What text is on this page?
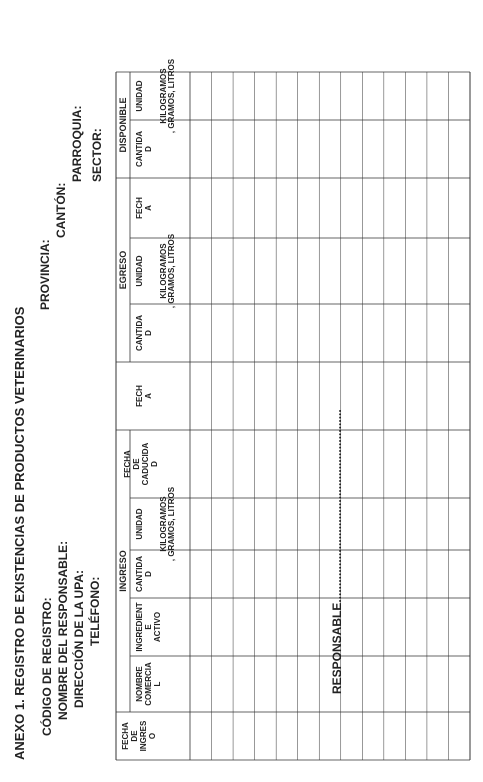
ANEXO 1. REGISTRO DE EXISTENCIAS DE PRODUCTOS VETERINARIOS CÓDIGO DE REGISTRO: NOMBRE DEL RESPONSABLE: DIRECCIÓN DE LA UPA: TELÉFONO:
PROVINCIA:
CANTÓN:
PARROQUIA: SECTOR:
INGRESO
EGRESO
DISPONIBLE
FECHA DE INGRES O
NOMBRE COMERCIA L
INGREDIENT E ACTIVO
CANTIDA D
UNIDAD
FECHA DE CADUCIDA D
FECH A
CANTIDA D
UNIDAD
FECH A
CANTIDA D
UNIDAD
KILOGRAMOS , GRAMOS, LITROS
KILOGRAMOS , GRAMOS, LITROS
KILOGRAMOS , GRAMOS, LITROS
RESPONSABLE..........................................................
